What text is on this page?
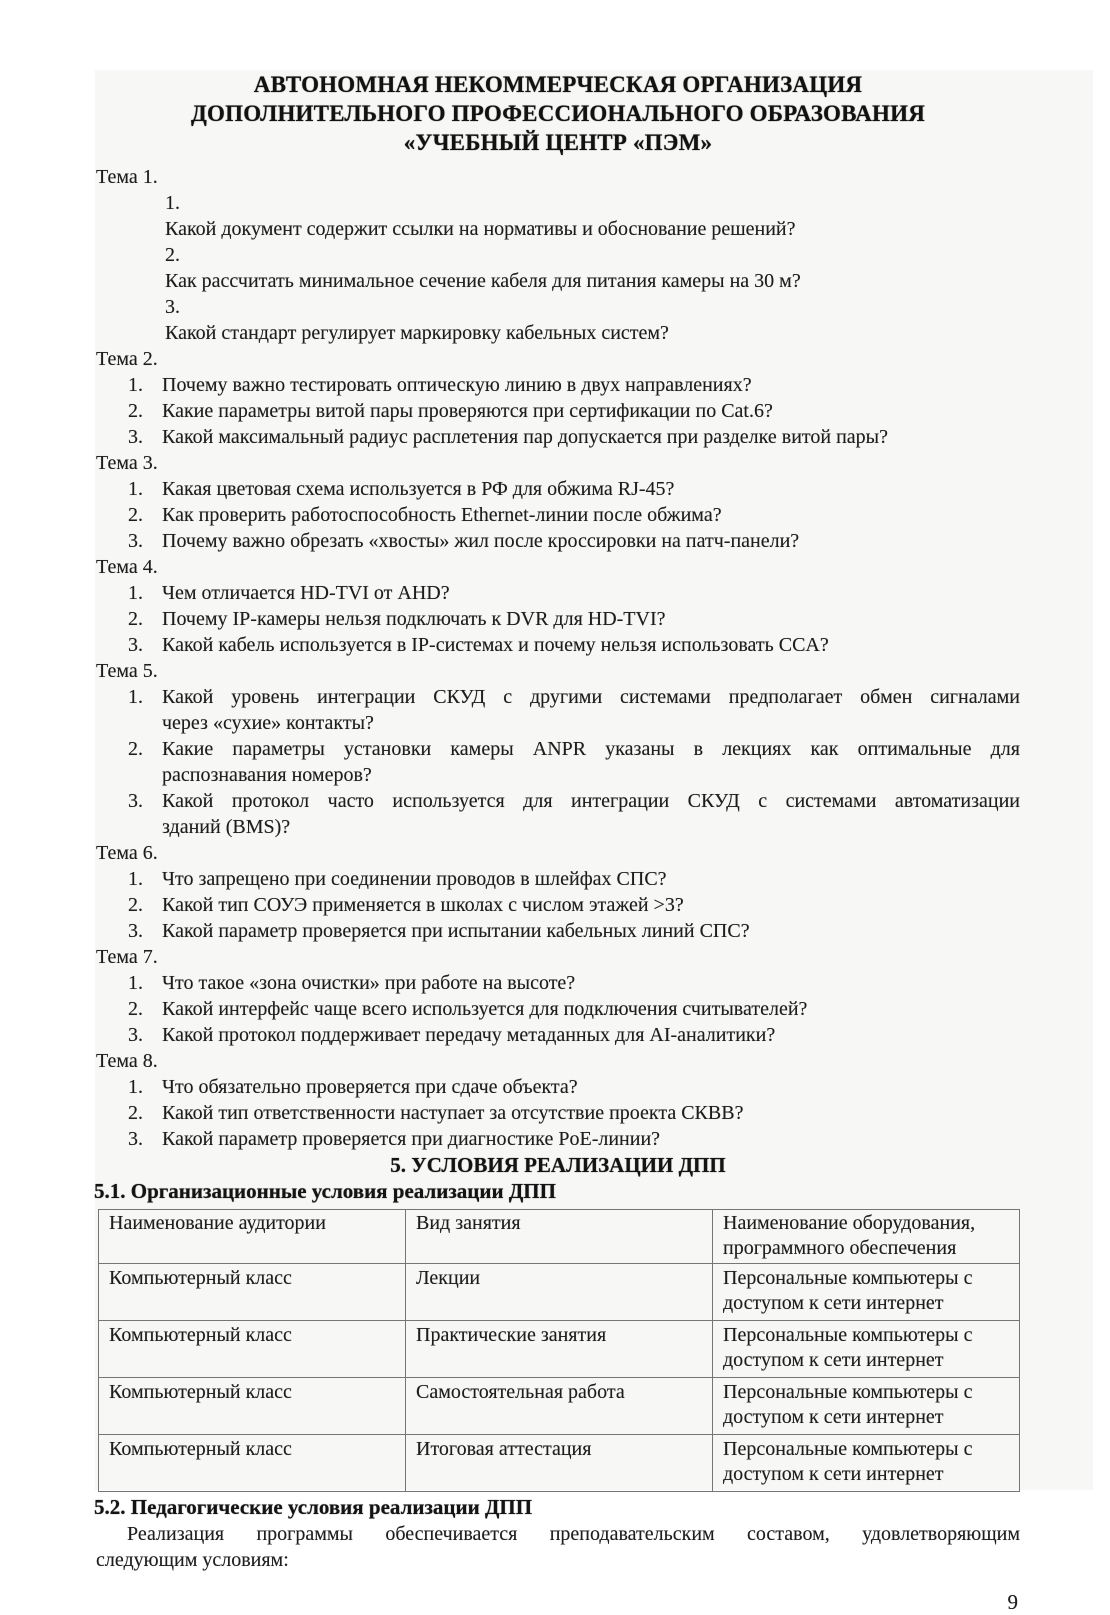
АВТОНОМНАЯ НЕКОММЕРЧЕСКАЯ ОРГАНИЗАЦИЯ
ДОПОЛНИТЕЛЬНОГО ПРОФЕССИОНАЛЬНОГО ОБРАЗОВАНИЯ
«УЧЕБНЫЙ ЦЕНТР «ПЭМ»
Тема 1.
1.
Какой документ содержит ссылки на нормативы и обоснование решений?
2.
Как рассчитать минимальное сечение кабеля для питания камеры на 30 м?
3.
Какой стандарт регулирует маркировку кабельных систем?
Тема 2.
1. Почему важно тестировать оптическую линию в двух направлениях?
2. Какие параметры витой пары проверяются при сертификации по Cat.6?
3. Какой максимальный радиус расплетения пар допускается при разделке витой пары?
Тема 3.
1. Какая цветовая схема используется в РФ для обжима RJ-45?
2. Как проверить работоспособность Ethernet-линии после обжима?
3. Почему важно обрезать «хвосты» жил после кроссировки на патч-панели?
Тема 4.
1. Чем отличается HD-TVI от AHD?
2. Почему IP-камеры нельзя подключать к DVR для HD-TVI?
3. Какой кабель используется в IP-системах и почему нельзя использовать CCA?
Тема 5.
1. Какой уровень интеграции СКУД с другими системами предполагает обмен сигналами
через «сухие» контакты?
2. Какие параметры установки камеры ANPR указаны в лекциях как оптимальные для
распознавания номеров?
3. Какой протокол часто используется для интеграции СКУД с системами автоматизации
зданий (BMS)?
Тема 6.
1. Что запрещено при соединении проводов в шлейфах СПС?
2. Какой тип СОУЭ применяется в школах с числом этажей >3?
3. Какой параметр проверяется при испытании кабельных линий СПС?
Тема 7.
1. Что такое «зона очистки» при работе на высоте?
2. Какой интерфейс чаще всего используется для подключения считывателей?
3. Какой протокол поддерживает передачу метаданных для AI-аналитики?
Тема 8.
1. Что обязательно проверяется при сдаче объекта?
2. Какой тип ответственности наступает за отсутствие проекта СКВВ?
3. Какой параметр проверяется при диагностике PoE-линии?
5. УСЛОВИЯ РЕАЛИЗАЦИИ ДПП
5.1. Организационные условия реализации ДПП
Наименование аудитории	Вид занятия	Наименование оборудования, программного обеспечения
Компьютерный класс	Лекции	Персональные компьютеры с доступом к сети интернет
Компьютерный класс	Практические занятия	Персональные компьютеры с доступом к сети интернет
Компьютерный класс	Самостоятельная работа	Персональные компьютеры с доступом к сети интернет
Компьютерный класс	Итоговая аттестация	Персональные компьютеры с доступом к сети интернет
5.2. Педагогические условия реализации ДПП
Реализация программы обеспечивается преподавательским составом, удовлетворяющим
следующим условиям:
9
